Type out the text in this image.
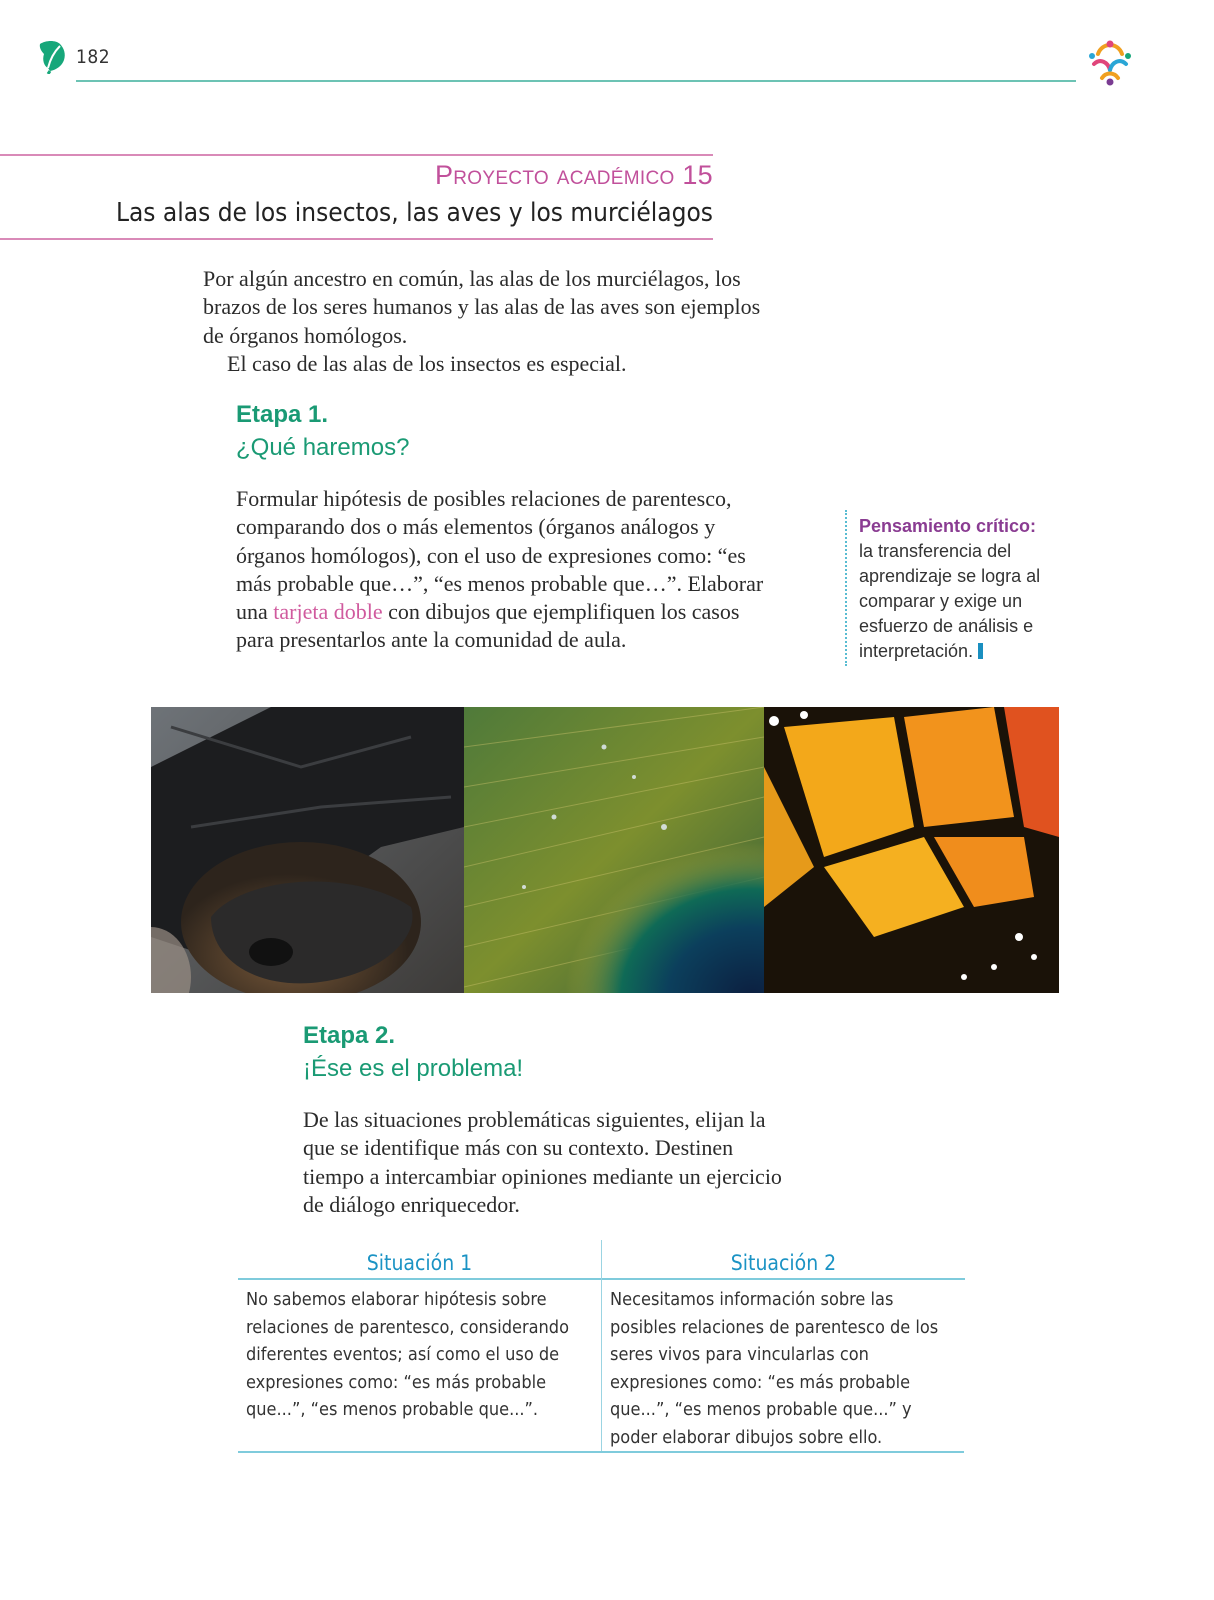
182
Proyecto académico 15
Las alas de los insectos, las aves y los murciélagos

Por algún ancestro en común, las alas de los murciélagos, los brazos de los seres humanos y las alas de las aves son ejemplos de órganos homólogos.

El caso de las alas de los insectos es especial.

Etapa 1.
¿Qué haremos?
Formular hipótesis de posibles relaciones de parentesco, comparando dos o más elementos (órganos análogos y órganos homólogos), con el uso de expresiones como: “es más probable que…”, “es menos probable que…”. Elaborar una tarjeta doble con dibujos que ejemplifiquen los casos para presentarlos ante la comunidad de aula.
Pensamiento crítico:
la transferencia del aprendizaje se logra al comparar y exige un esfuerzo de análisis e interpretación.
Etapa 2.
¡Ése es el problema!
De las situaciones problemáticas siguientes, elijan la que se identifique más con su contexto. Destinen tiempo a intercambiar opiniones mediante un ejercicio de diálogo enriquecedor.
Situación 1
No sabemos elaborar hipótesis sobre relaciones de parentesco, considerando diferentes eventos; así como el uso de expresiones como: “es más probable que...”, “es menos probable que...”.
Situación 2
Necesitamos información sobre las posibles relaciones de parentesco de los seres vivos para vincularlas con expresiones como: “es más probable que...”, “es menos probable que...” y poder elaborar dibujos sobre ello.
